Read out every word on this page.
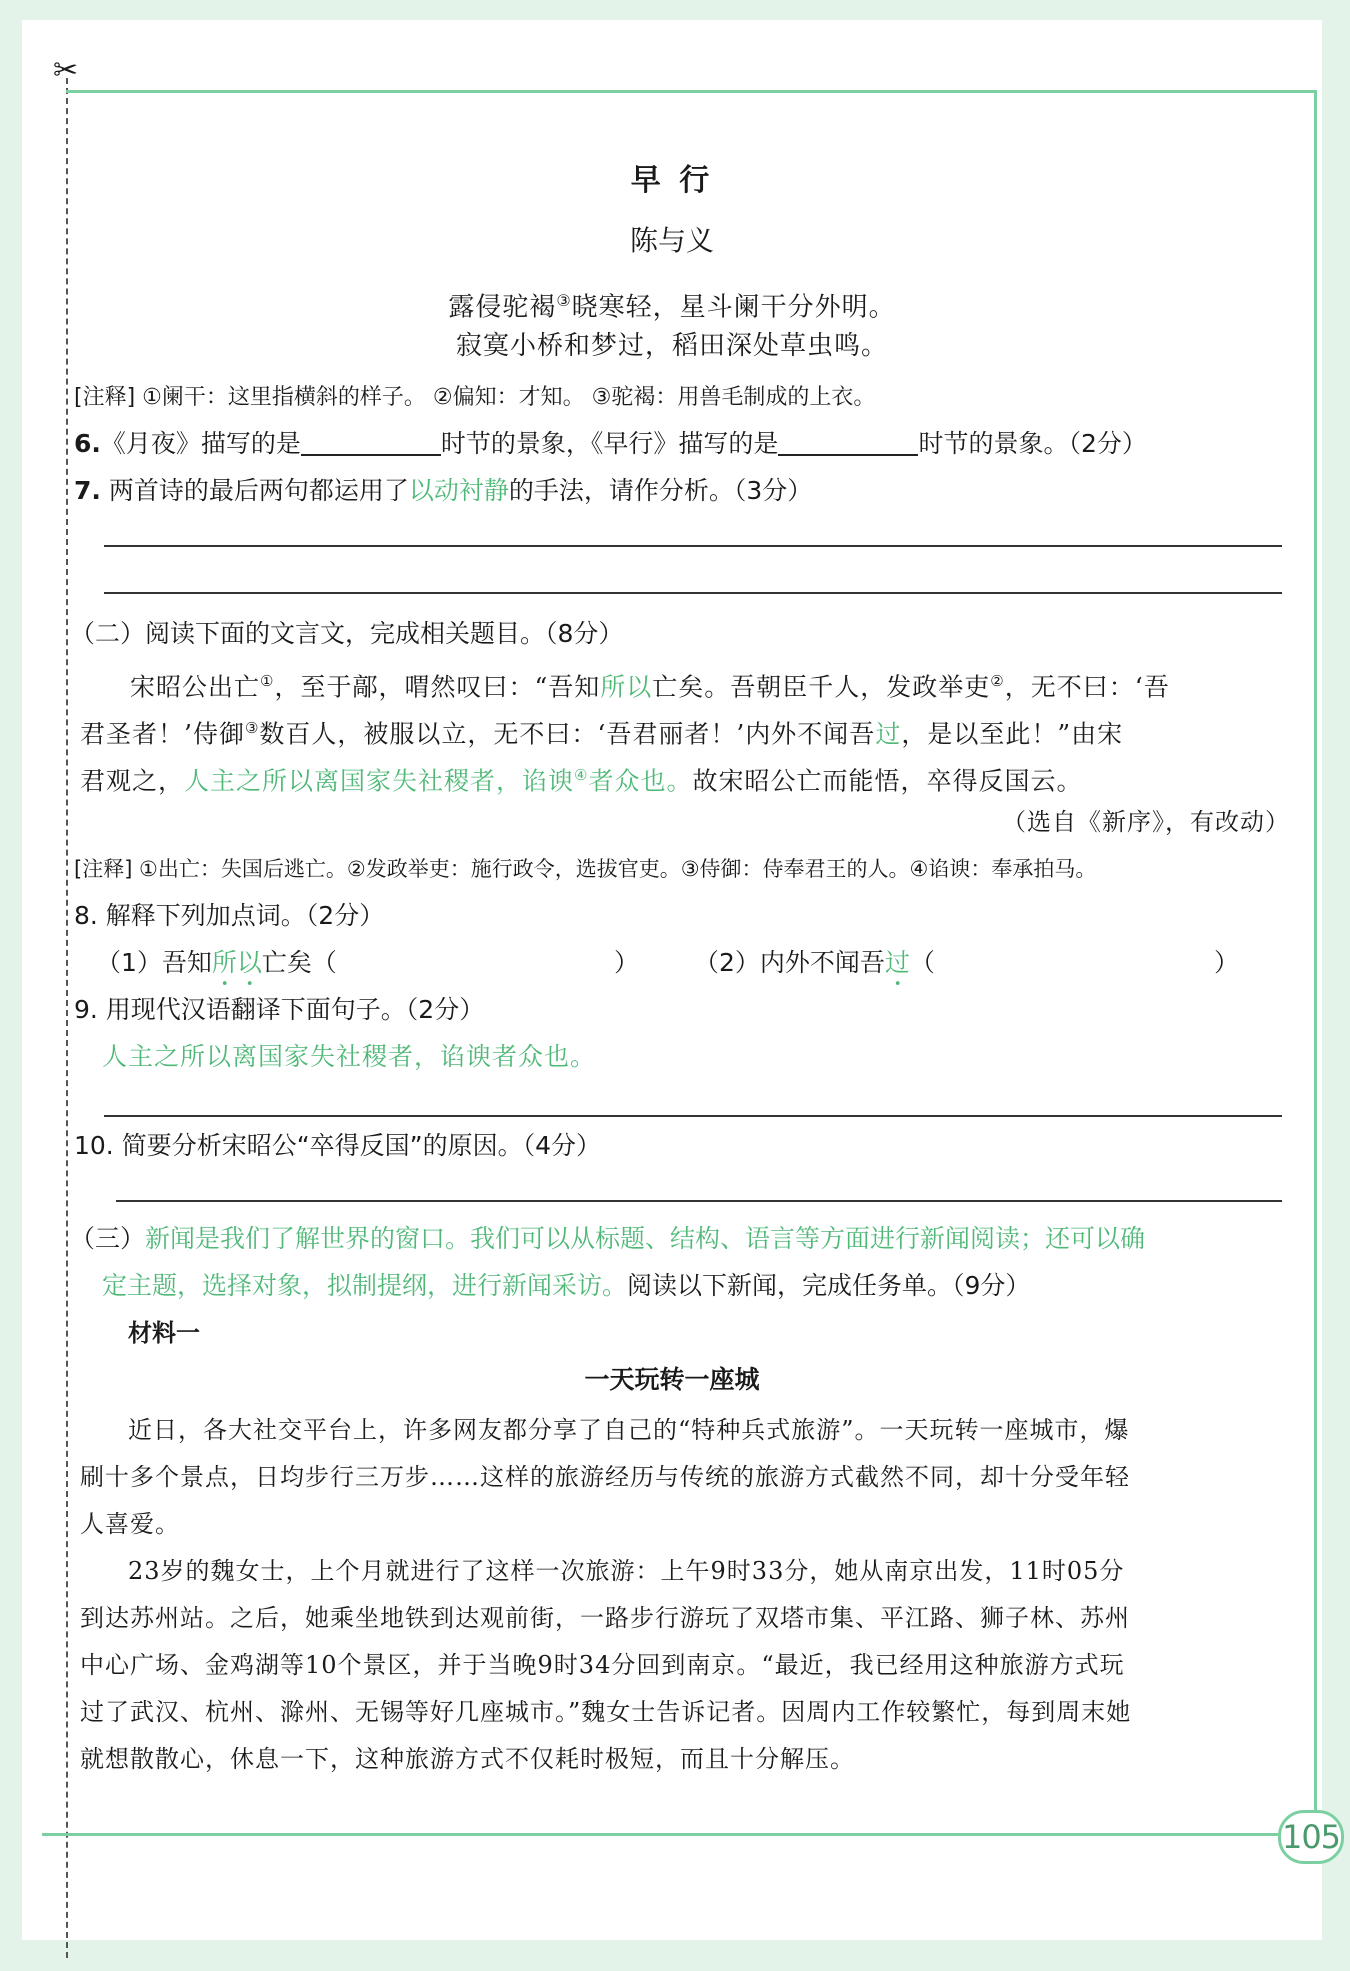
✂
早 行
陈与义
露侵驼褐③晓寒轻，星斗阑干分外明。
寂寞小桥和梦过，稻田深处草虫鸣。
[注释] ①阑干：这里指横斜的样子。 ②偏知：才知。 ③驼褐：用兽毛制成的上衣。
6.《月夜》描写的是	时节的景象，《早行》描写的是	时节的景象。（2分）
7. 两首诗的最后两句都运用了以动衬静的手法，请作分析。（3分）
（二）阅读下面的文言文，完成相关题目。（8分）
宋昭公出亡①，至于鄗，喟然叹曰：“吾知所以亡矣。吾朝臣千人，发政举吏②，无不曰：‘吾
君圣者！’侍御③数百人，被服以立，无不曰：‘吾君丽者！’内外不闻吾过，是以至此！”由宋
君观之，人主之所以离国家失社稷者，谄谀④者众也。故宋昭公亡而能悟，卒得反国云。
（选自《新序》，有改动）
[注释] ①出亡：失国后逃亡。②发政举吏：施行政令，选拔官吏。③侍御：侍奉君王的人。④谄谀：奉承拍马。
8. 解释下列加点词。（2分）
（1）吾知所以亡矣（	） （2）内外不闻吾过（	）
9. 用现代汉语翻译下面句子。（2分）
人主之所以离国家失社稷者，谄谀者众也。
10. 简要分析宋昭公“卒得反国”的原因。（4分）
（三）新闻是我们了解世界的窗口。我们可以从标题、结构、语言等方面进行新闻阅读；还可以确
定主题，选择对象，拟制提纲，进行新闻采访。阅读以下新闻，完成任务单。（9分）
材料一
一天玩转一座城
近日，各大社交平台上，许多网友都分享了自己的“特种兵式旅游”。一天玩转一座城市，爆
刷十多个景点，日均步行三万步……这样的旅游经历与传统的旅游方式截然不同，却十分受年轻
人喜爱。
23岁的魏女士，上个月就进行了这样一次旅游：上午9时33分，她从南京出发，11时05分
到达苏州站。之后，她乘坐地铁到达观前街，一路步行游玩了双塔市集、平江路、狮子林、苏州
中心广场、金鸡湖等10个景区，并于当晚9时34分回到南京。“最近，我已经用这种旅游方式玩
过了武汉、杭州、滁州、无锡等好几座城市。”魏女士告诉记者。因周内工作较繁忙，每到周末她
就想散散心，休息一下，这种旅游方式不仅耗时极短，而且十分解压。
105
